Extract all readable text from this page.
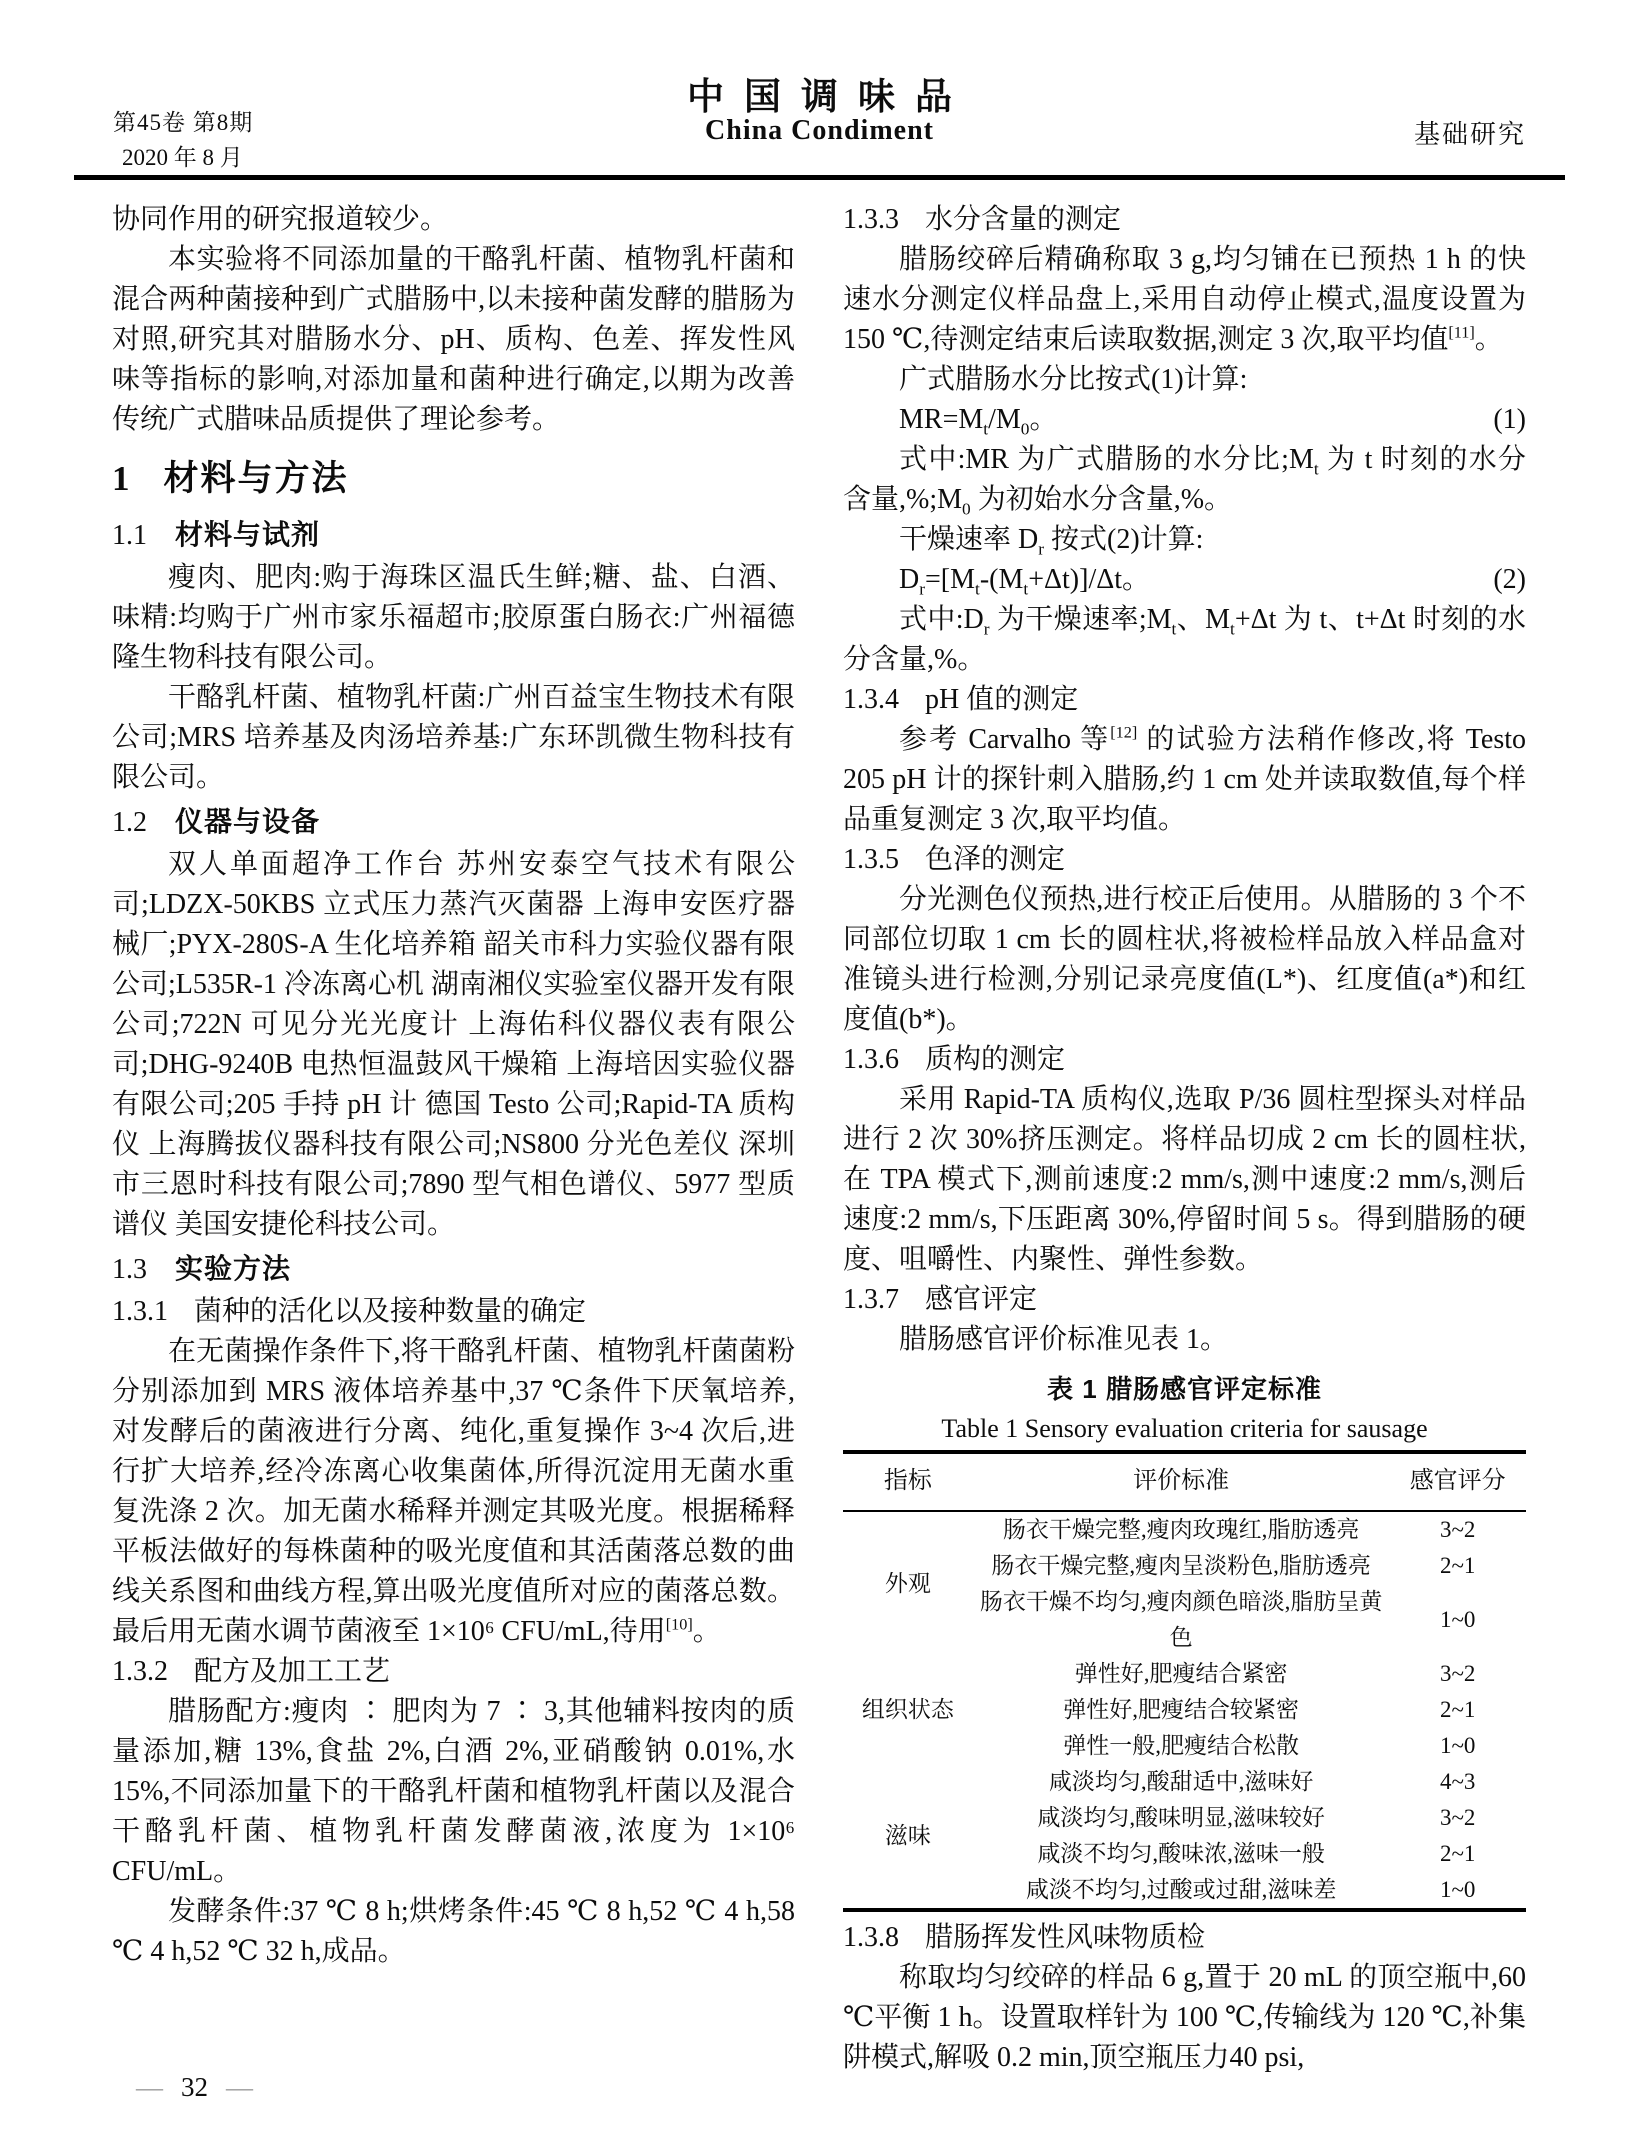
第45卷 第8期
2020 年 8 月
中国调味品
China Condiment	基础研究

协同作用的研究报道较少。

本实验将不同添加量的干酪乳杆菌、植物乳杆菌和混合两种菌接种到广式腊肠中,以未接种菌发酵的腊肠为对照,研究其对腊肠水分、pH、质构、色差、挥发性风味等指标的影响,对添加量和菌种进行确定,以期为改善传统广式腊味品质提供了理论参考。

1 材料与方法
1.1 材料与试剂

瘦肉、肥肉:购于海珠区温氏生鲜;糖、盐、白酒、味精:均购于广州市家乐福超市;胶原蛋白肠衣:广州福德隆生物科技有限公司。

干酪乳杆菌、植物乳杆菌:广州百益宝生物技术有限公司;MRS 培养基及肉汤培养基:广东环凯微生物科技有限公司。

1.2 仪器与设备

双人单面超净工作台 苏州安泰空气技术有限公司;LDZX-50KBS 立式压力蒸汽灭菌器 上海申安医疗器械厂;PYX-280S-A 生化培养箱 韶关市科力实验仪器有限公司;L535R-1 冷冻离心机 湖南湘仪实验室仪器开发有限公司;722N 可见分光光度计 上海佑科仪器仪表有限公司;DHG-9240B 电热恒温鼓风干燥箱 上海培因实验仪器有限公司;205 手持 pH 计 德国 Testo 公司;Rapid-TA 质构仪 上海腾拔仪器科技有限公司;NS800 分光色差仪 深圳市三恩时科技有限公司;7890 型气相色谱仪、5977 型质谱仪 美国安捷伦科技公司。

1.3 实验方法
1.3.1 菌种的活化以及接种数量的确定

在无菌操作条件下,将干酪乳杆菌、植物乳杆菌菌粉分别添加到 MRS 液体培养基中,37 ℃条件下厌氧培养,对发酵后的菌液进行分离、纯化,重复操作 3~4 次后,进行扩大培养,经冷冻离心收集菌体,所得沉淀用无菌水重复洗涤 2 次。加无菌水稀释并测定其吸光度。根据稀释平板法做好的每株菌种的吸光度值和其活菌落总数的曲线关系图和曲线方程,算出吸光度值所对应的菌落总数。最后用无菌水调节菌液至 1×10⁶ CFU/mL,待用[10]。

1.3.2 配方及加工工艺

腊肠配方:瘦肉 ∶ 肥肉为 7 ∶ 3,其他辅料按肉的质量添加,糖 13%,食盐 2%,白酒 2%,亚硝酸钠 0.01%,水 15%,不同添加量下的干酪乳杆菌和植物乳杆菌以及混合干酪乳杆菌、植物乳杆菌发酵菌液,浓度为 1×10⁶ CFU/mL。

发酵条件:37 ℃ 8 h;烘烤条件:45 ℃ 8 h,52 ℃ 4 h,58 ℃ 4 h,52 ℃ 32 h,成品。

1.3.3 水分含量的测定

腊肠绞碎后精确称取 3 g,均匀铺在已预热 1 h 的快速水分测定仪样品盘上,采用自动停止模式,温度设置为 150 ℃,待测定结束后读取数据,测定 3 次,取平均值[11]。

广式腊肠水分比按式(1)计算:

$MR=M_t/M_0$。	(1)

式中:MR 为广式腊肠的水分比$;M_t$ 为 t 时刻的水分含量$,\%;M_0$ 为初始水分含量,%。

干燥速率 $D_r$ 按式(2)计算:

$D_r=[M_t-(M_t+\Delta t)]/\Delta t$。	(2)

式中$:D_r$ 为干燥速率$;M_t$、$M_t+\Delta t$ 为 t、t+Δt 时刻的水分含量,%。

1.3.4 pH 值的测定

参考 Carvalho 等[12] 的试验方法稍作修改,将 Testo 205 pH 计的探针刺入腊肠,约 1 cm 处并读取数值,每个样品重复测定 3 次,取平均值。

1.3.5 色泽的测定

分光测色仪预热,进行校正后使用。从腊肠的 3 个不同部位切取 1 cm 长的圆柱状,将被检样品放入样品盒对准镜头进行检测,分别记录亮度值(L*)、红度值(a*)和红度值(b*)。

1.3.6 质构的测定

采用 Rapid-TA 质构仪,选取 P/36 圆柱型探头对样品进行 2 次 30%挤压测定。将样品切成 2 cm 长的圆柱状,在 TPA 模式下,测前速度:2 mm/s,测中速度:2 mm/s,测后速度:2 mm/s,下压距离 30%,停留时间 5 s。得到腊肠的硬度、咀嚼性、内聚性、弹性参数。

1.3.7 感官评定

腊肠感官评价标准见表 1。

表 1 腊肠感官评定标准
Table 1 Sensory evaluation criteria for sausage
指标	评价标准	感官评分
外观	肠衣干燥完整,瘦肉玫瑰红,脂肪透亮	3~2
	肠衣干燥完整,瘦肉呈淡粉色,脂肪透亮	2~1
	肠衣干燥不均匀,瘦肉颜色暗淡,脂肪呈黄色	1~0
组织状态	弹性好,肥瘦结合紧密	3~2
	弹性好,肥瘦结合较紧密	2~1
	弹性一般,肥瘦结合松散	1~0
滋味	咸淡均匀,酸甜适中,滋味好	4~3
	咸淡均匀,酸味明显,滋味较好	3~2
	咸淡不均匀,酸味浓,滋味一般	2~1
	咸淡不均匀,过酸或过甜,滋味差	1~0
1.3.8 腊肠挥发性风味物质检

称取均匀绞碎的样品 6 g,置于 20 mL 的顶空瓶中,60 ℃平衡 1 h。设置取样针为 100 ℃,传输线为 120 ℃,补集阱模式,解吸 0.2 min,顶空瓶压力40 psi,

— 32 —
